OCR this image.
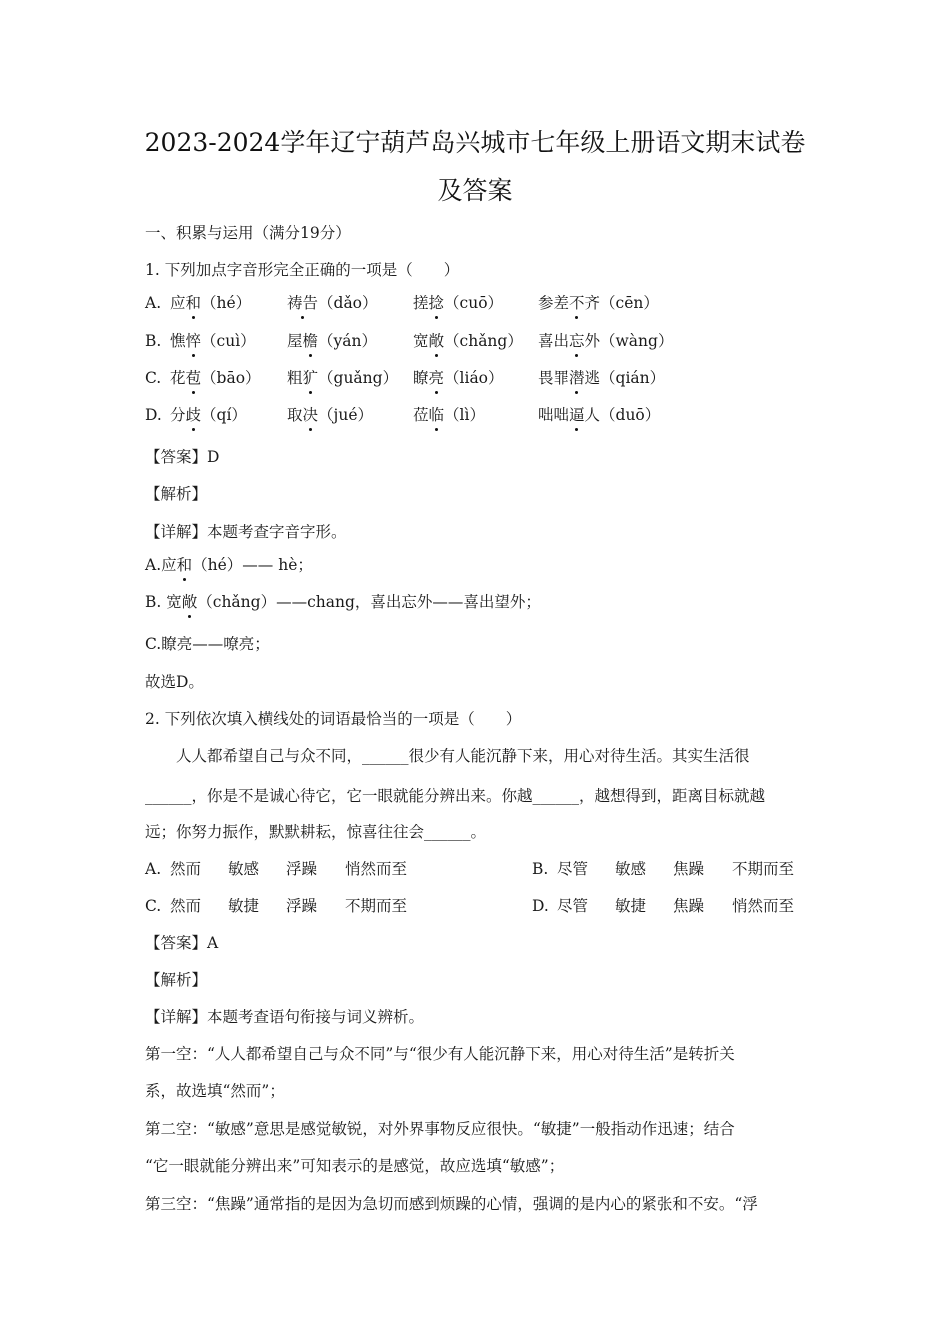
2023-2024学年辽宁葫芦岛兴城市七年级上册语文期末试卷
及答案
一、积累与运用（满分19分）
1. 下列加点字音形完全正确的一项是（　　）
A. 应和（hé） 祷告（dǎo） 搓捻（cuō） 参差不齐（cēn）
B. 憔悴（cuì） 屋檐（yán） 宽敞（chǎng） 喜出忘外（wàng）
C. 花苞（bāo） 粗犷（guǎng） 瞭亮（liáo） 畏罪潜逃（qián）
D. 分歧（qí）	取决（jué）	莅临（lì）	咄咄逼人（duō）
【答案】D
【解析】
【详解】本题考查字音字形。
A.应和（hé）—— hè；
B. 宽敞（chǎng）——chang，喜出忘外——喜出望外；
C.瞭亮——嘹亮；
故选D。
2. 下列依次填入横线处的词语最恰当的一项是（　　）
人人都希望自己与众不同，______很少有人能沉静下来，用心对待生活。其实生活很
______，你是不是诚心待它，它一眼就能分辨出来。你越______，越想得到，距离目标就越
远；你努力振作，默默耕耘，惊喜往往会______。
A. 然而 敏感 浮躁 悄然而至	B. 尽管 敏感 焦躁 不期而至
C. 然而 敏捷 浮躁 不期而至	D. 尽管 敏捷 焦躁 悄然而至
【答案】A
【解析】
【详解】本题考查语句衔接与词义辨析。
第一空：“人人都希望自己与众不同”与“很少有人能沉静下来，用心对待生活”是转折关
系，故选填“然而”；
第二空：“敏感”意思是感觉敏锐，对外界事物反应很快。“敏捷”一般指动作迅速；结合
“它一眼就能分辨出来”可知表示的是感觉，故应选填“敏感”；
第三空：“焦躁”通常指的是因为急切而感到烦躁的心情，强调的是内心的紧张和不安。“浮
